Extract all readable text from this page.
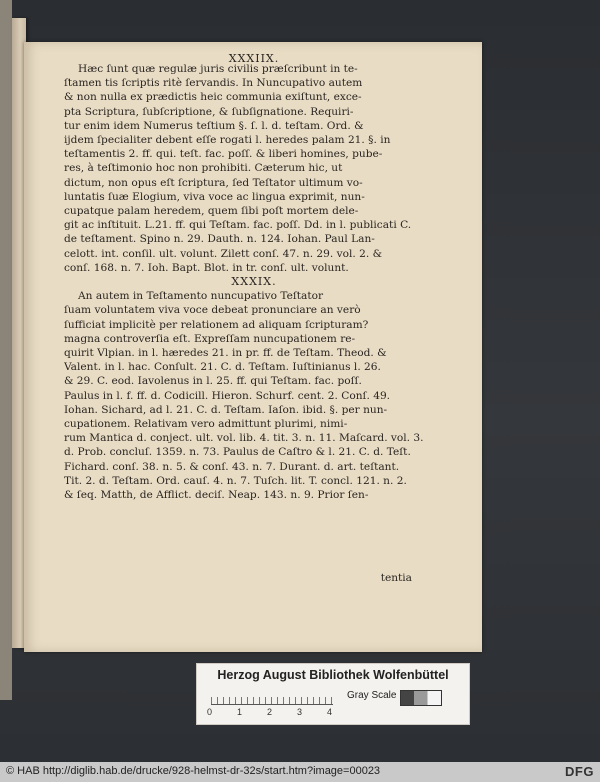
XXXIIX.
Hæc ſunt quæ regulæ juris civilis præſcribunt in te-
ſtamen tis ſcriptis ritè ſervandis. In Nuncupativo autem
& non nulla ex prædictis heic communia exiſtunt, exce-
pta Scriptura, ſubſcriptione, & ſubſignatione. Requiri-
tur enim idem Numerus teſtium §. ſ. l. d. teſtam. Ord. &
ijdem ſpecialiter debent eſſe rogati l. heredes palam 21. §. in
teſtamentis 2. ff. qui. teſt. fac. poſſ. & liberi homines, pube-
res, à teſtimonio hoc non prohibiti. Cæterum hic, ut
dictum, non opus eſt ſcriptura, ſed Teſtator ultimum vo-
luntatis ſuæ Elogium, viva voce ac lingua exprimit, nun-
cupatque palam heredem, quem ſibi poſt mortem dele-
git ac inſtituit. L.21. ff. qui Teſtam. fac. poſſ. Dd. in l. publicati C.
de teſtament. Spino n. 29. Dauth. n. 124. Iohan. Paul Lan-
celott. int. conſil. ult. volunt. Zilett conſ. 47. n. 29. vol. 2. &
conſ. 168. n. 7. Ioh. Bapt. Blot. in tr. conſ. ult. volunt.
XXXIX.
An autem in Teſtamento nuncupativo Teſtator
ſuam voluntatem viva voce debeat pronunciare an verò
ſufficiat implicitè per relationem ad aliquam ſcripturam?
magna controverſia eſt. Expreſſam nuncupationem re-
quirit Vlpian. in l. hæredes 21. in pr. ff. de Teſtam. Theod. &
Valent. in l. hac. Conſult. 21. C. d. Teſtam. Iuſtinianus l. 26.
& 29. C. eod. Iavolenus in l. 25. ff. qui Teſtam. fac. poſſ.
Paulus in l. f. ff. d. Codicill. Hieron. Schurf. cent. 2. Conſ. 49.
Iohan. Sichard, ad l. 21. C. d. Teſtam. Iaſon. ibid. §. per nun-
cupationem. Relativam vero admittunt plurimi, nimi-
rum Mantica d. conject. ult. vol. lib. 4. tit. 3. n. 11. Maſcard. vol. 3.
d. Prob. concluſ. 1359. n. 73. Paulus de Caſtro & l. 21. C. d. Teſt.
Fichard. conſ. 38. n. 5. & conſ. 43. n. 7. Durant. d. art. teſtant.
Tit. 2. d. Teſtam. Ord. cauſ. 4. n. 7. Tuſch. lit. T. concl. 121. n. 2.
& ſeq. Matth, de Afflict. deciſ. Neap. 143. n. 9. Prior ſen-
tentia
Herzog August Bibliothek Wolfenbüttel
0	1	2	3	4
Gray Scale
© HAB http://diglib.hab.de/drucke/928-helmst-dr-32s/start.htm?image=00023	DFG
